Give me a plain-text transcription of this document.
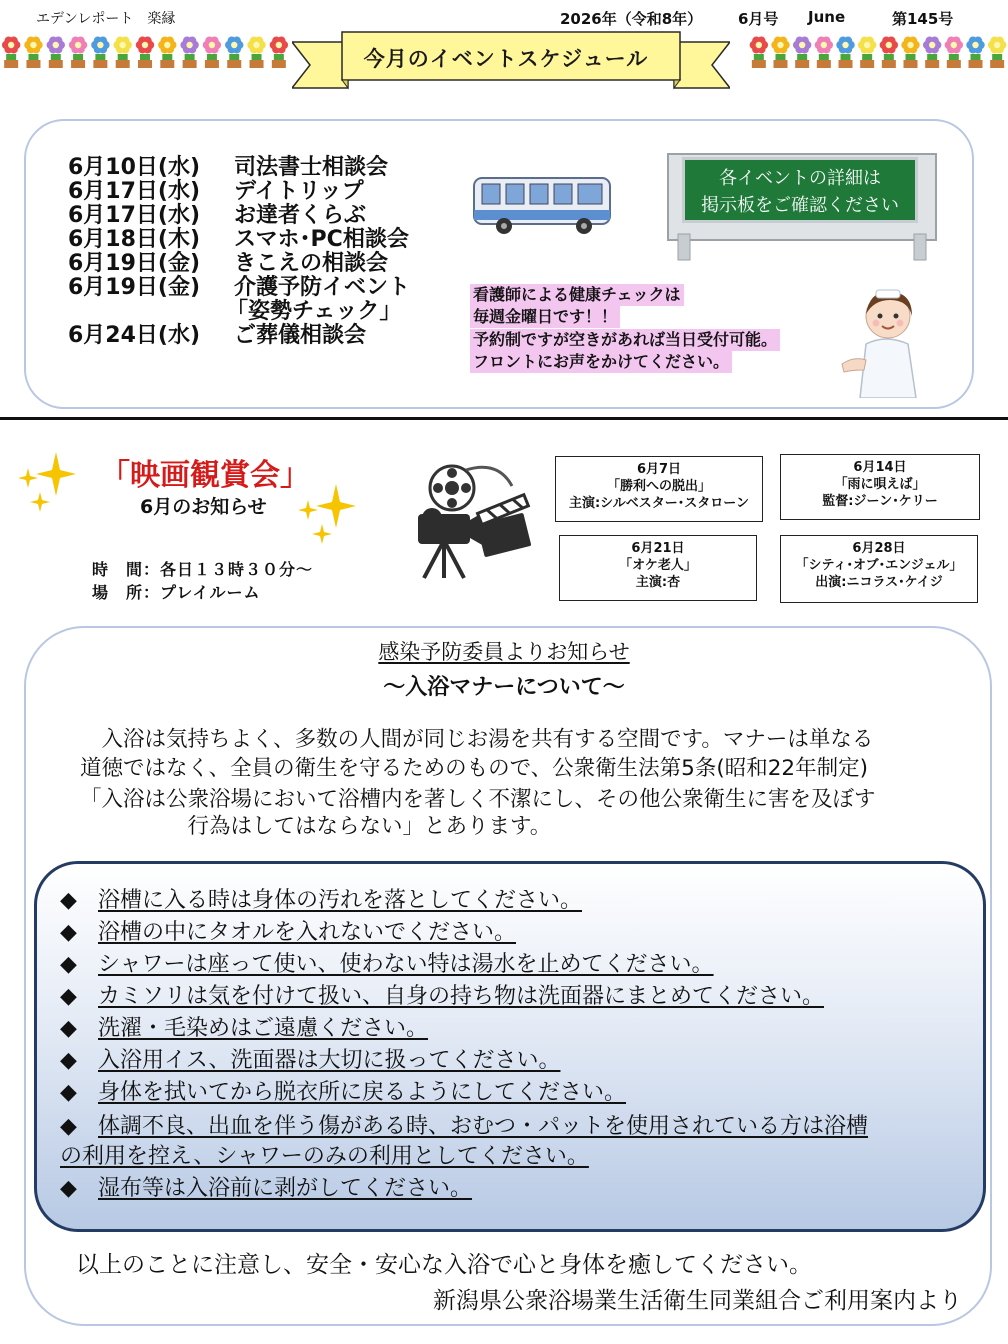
エデンレポート　楽縁	2026年（令和8年） 6月号 June	第145号
今月のイベントスケジュール
6月10日(水) 司法書士相談会
6月17日(水) デイトリップ
6月17日(水) お達者くらぶ
6月18日(木) スマホ･PC相談会
6月19日(金) きこえの相談会
6月19日(金) 介護予防イベント
「姿勢チェック」
6月24日(水) ご葬儀相談会
各イベントの詳細は
掲示板をご確認ください
看護師による健康チェックは
毎週金曜日です！！
予約制ですが空きがあれば当日受付可能。
フロントにお声をかけてください。
「映画観賞会」
6月のお知らせ
時　間：各日１３時３０分～
場　所：プレイルーム
6月7日
「勝利への脱出」
主演:シルベスター･スタローン
6月14日
「雨に唄えば」
監督:ジーン･ケリー
6月21日
「オケ老人」
主演:杏
6月28日
「シティ･オブ･エンジェル」
出演:ニコラス･ケイジ
感染予防委員よりお知らせ
～入浴マナーについて～
　入浴は気持ちよく、多数の人間が同じお湯を共有する空間です。マナーは単なる
道徳ではなく、全員の衛生を守るためのもので、公衆衛生法第5条(昭和22年制定)
「入浴は公衆浴場において浴槽内を著しく不潔にし、その他公衆衛生に害を及ぼす
　　　　　行為はしてはならない」とあります。
◆ 浴槽に入る時は身体の汚れを落としてください。
◆ 浴槽の中にタオルを入れないでください。
◆ シャワーは座って使い、使わない特は湯水を止めてください。
◆ カミソリは気を付けて扱い、自身の持ち物は洗面器にまとめてください。
◆ 洗濯・毛染めはご遠慮ください。
◆ 入浴用イス、洗面器は大切に扱ってください。
◆ 身体を拭いてから脱衣所に戻るようにしてください。
◆ 体調不良、出血を伴う傷がある時、おむつ・パットを使用されている方は浴槽
の利用を控え、シャワーのみの利用としてください。
◆ 湿布等は入浴前に剥がしてください。
以上のことに注意し、安全・安心な入浴で心と身体を癒してください。
新潟県公衆浴場業生活衛生同業組合ご利用案内より
